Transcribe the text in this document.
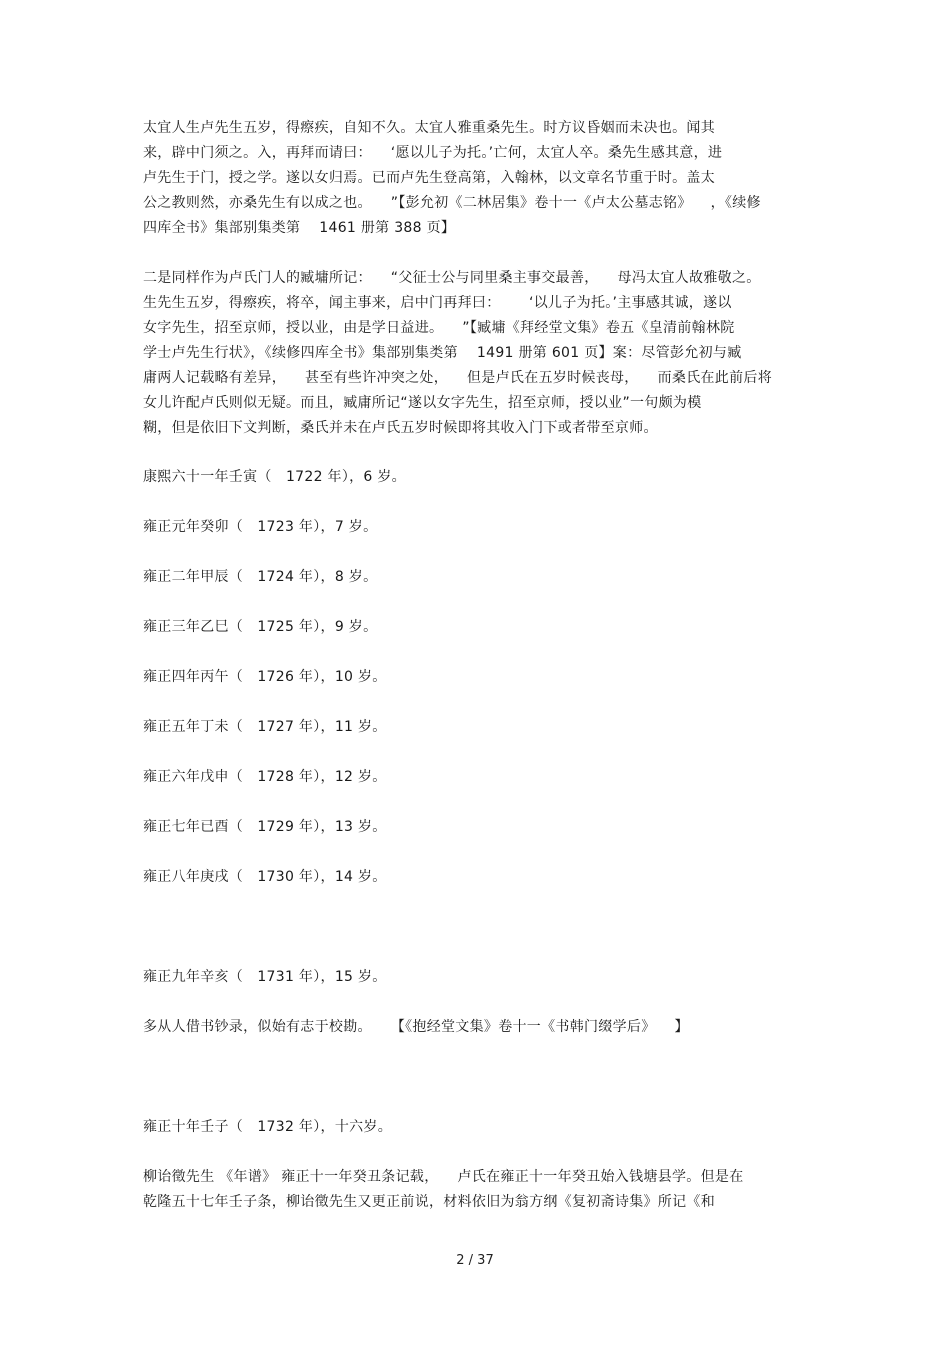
太宜人生卢先生五岁，得瘵疾，自知不久。太宜人雅重桑先生。时方议昏姻而未决也。闻其

来，辟中门须之。入，再拜而请曰：    ‘愿以儿子为托。’亡何，太宜人卒。桑先生感其意，进

卢先生于门，授之学。遂以女归焉。已而卢先生登高第，入翰林，以文章名节重于时。盖太

公之教则然，亦桑先生有以成之也。    ”【彭允初《二林居集》卷十一《卢太公墓志铭》    ，《续修

四库全书》集部别集类第    1461 册第 388 页】

二是同样作为卢氏门人的臧墉所记：    “父征士公与同里桑主事交最善，    母冯太宜人故雅敬之。

生先生五岁，得瘵疾，将卒，闻主事来，启中门再拜曰：      ‘以儿子为托。’主事感其诚，遂以

女字先生，招至京师，授以业，由是学日益进。    ”【臧墉《拜经堂文集》卷五《皇清前翰林院

学士卢先生行状》，《续修四库全书》集部别集类第    1491 册第 601 页】案：尽管彭允初与臧

庸两人记载略有差异，    甚至有些许冲突之处，    但是卢氏在五岁时候丧母，    而桑氏在此前后将

女儿许配卢氏则似无疑。而且，臧庸所记“遂以女字先生，招至京师，授以业”一句颇为模

糊，但是依旧下文判断，桑氏并未在卢氏五岁时候即将其收入门下或者带至京师。

康熙六十一年壬寅（   1722 年），6 岁。

雍正元年癸卯（   1723 年），7 岁。

雍正二年甲辰（   1724 年），8 岁。

雍正三年乙巳（   1725 年），9 岁。

雍正四年丙午（   1726 年），10 岁。

雍正五年丁未（   1727 年），11 岁。

雍正六年戊申（   1728 年），12 岁。

雍正七年已酉（   1729 年），13 岁。

雍正八年庚戌（   1730 年），14 岁。

雍正九年辛亥（   1731 年），15 岁。

多从人借书钞录，似始有志于校勘。    【《抱经堂文集》卷十一《书韩门缀学后》    】

雍正十年壬子（   1732 年），十六岁。

柳诒徵先生 《年谱》 雍正十一年癸丑条记载，    卢氏在雍正十一年癸丑始入钱塘县学。但是在

乾隆五十七年壬子条，柳诒徵先生又更正前说，材料依旧为翁方纲《复初斋诗集》所记《和

2 / 37
